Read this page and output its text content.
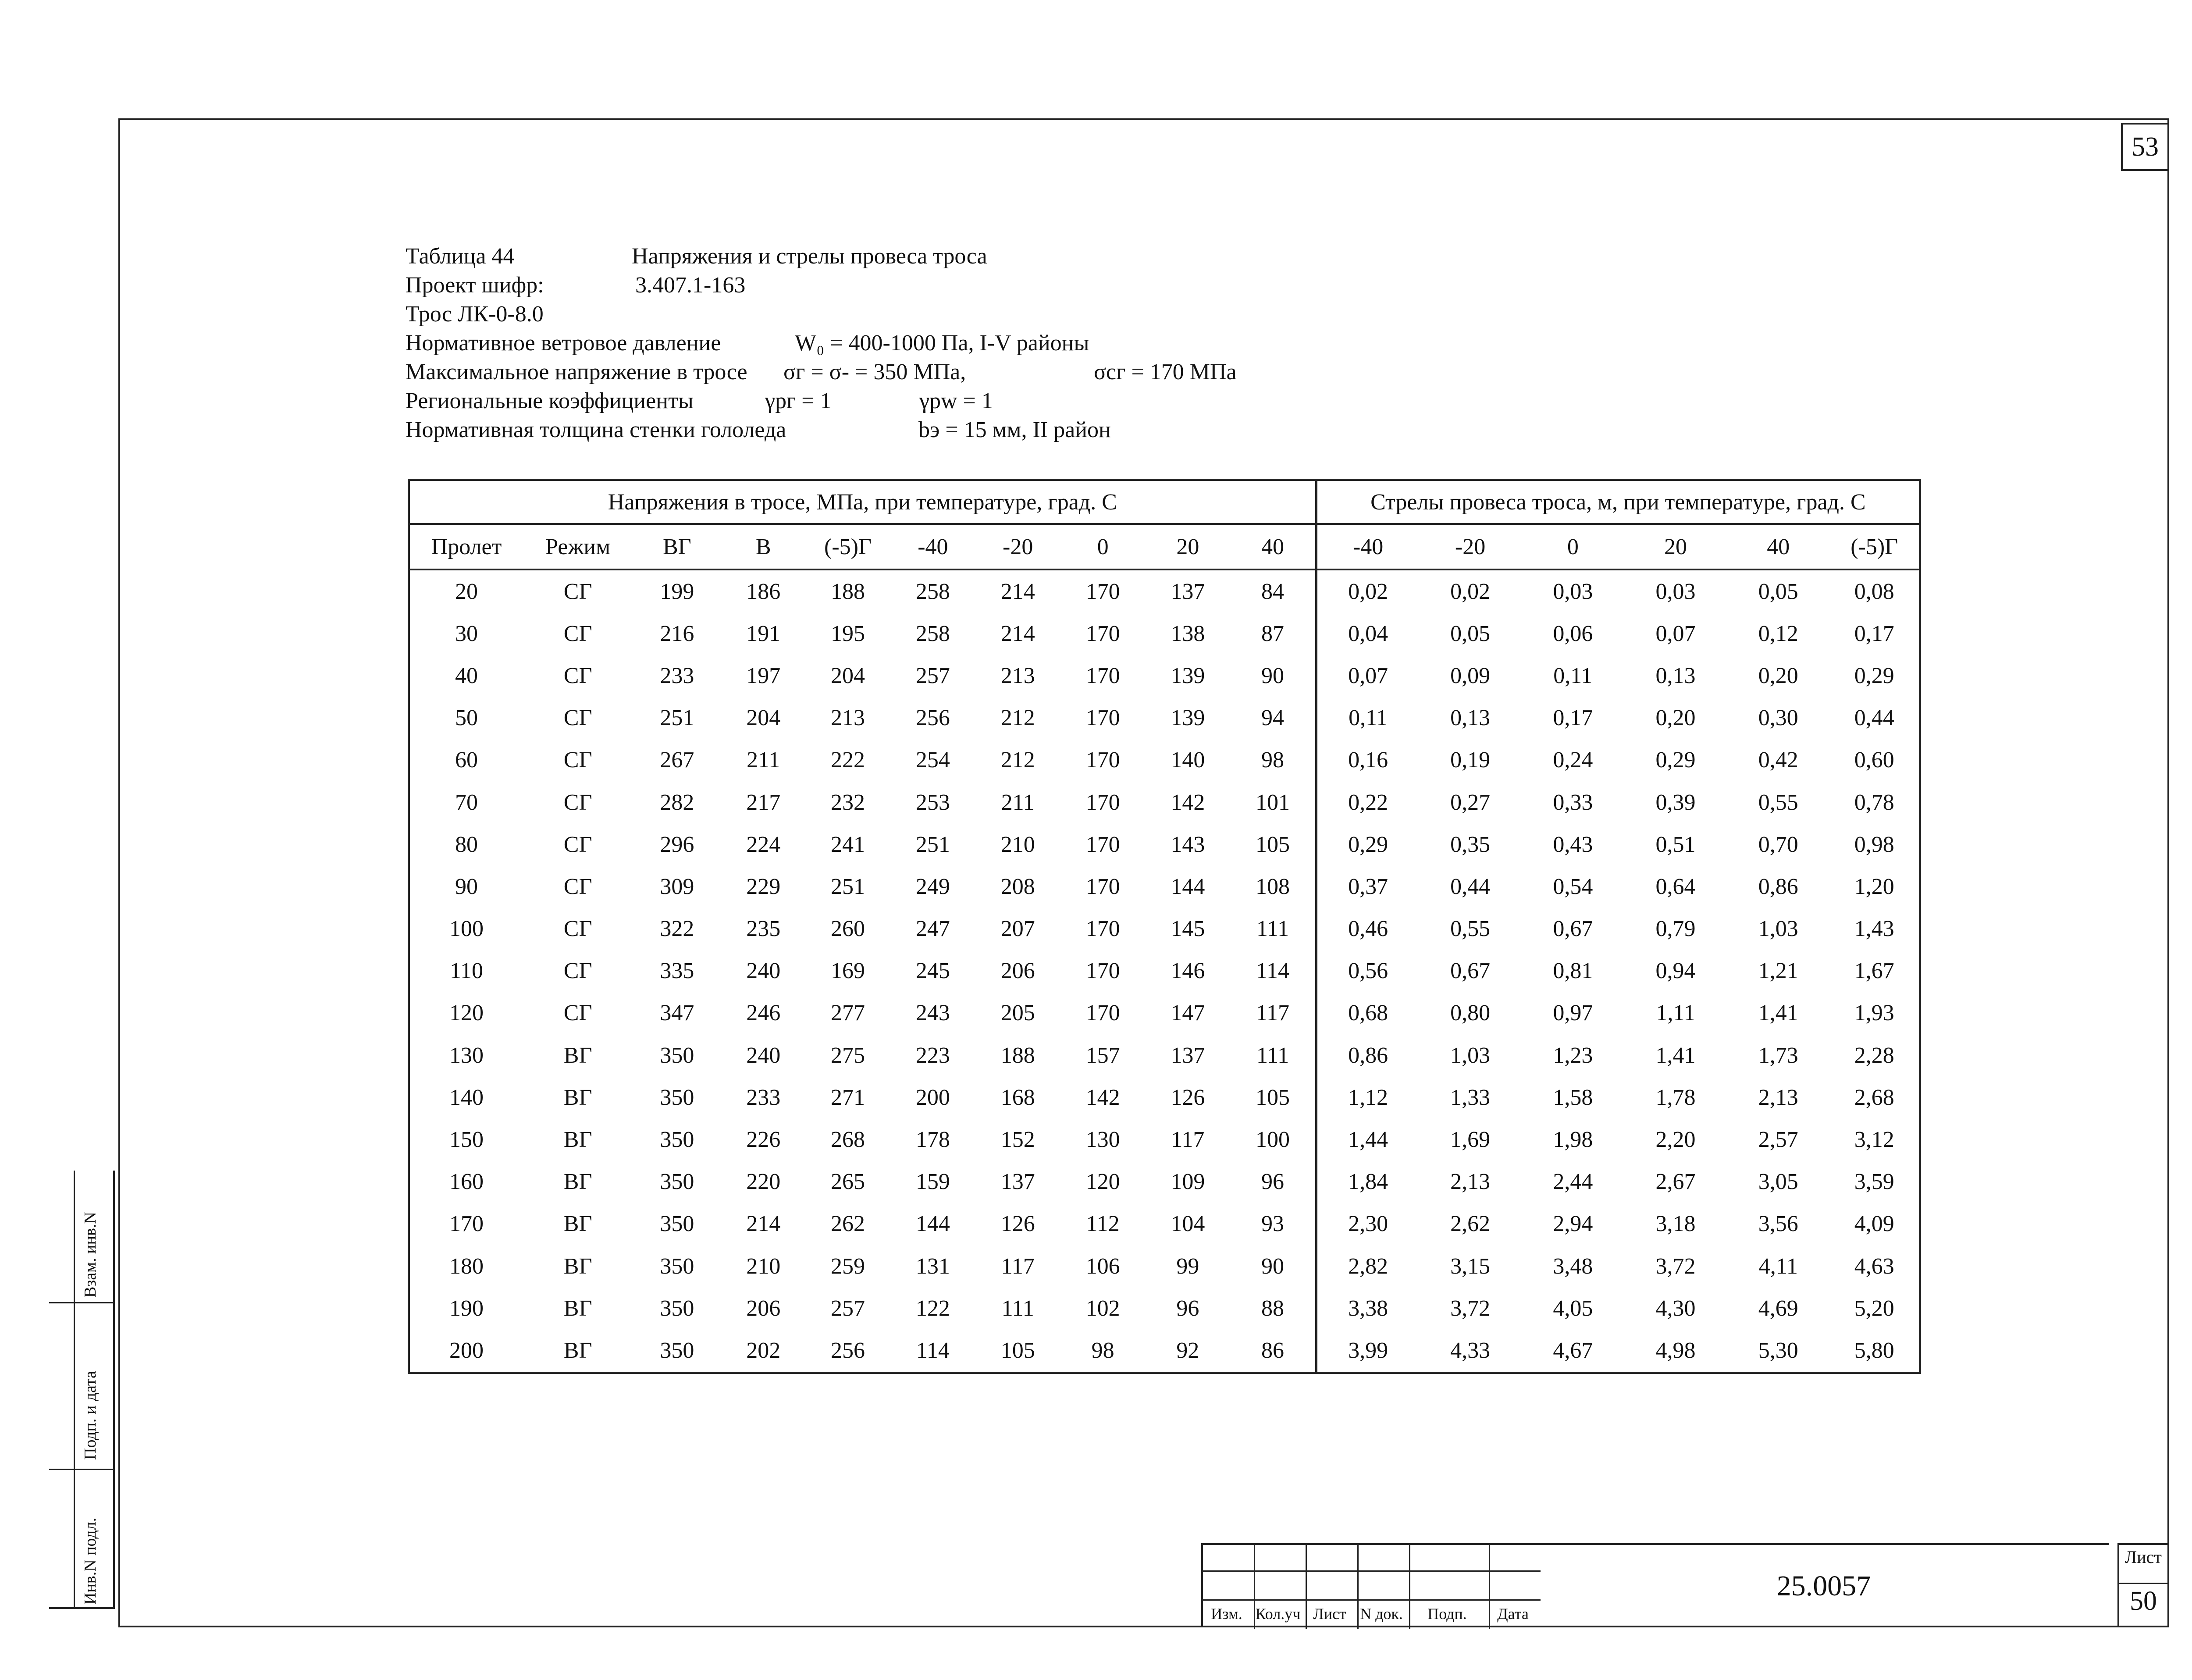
53
Таблица 44	Напряжения и стрелы провеса троса
Проект шифр:	3.407.1-163
Трос ЛК-0-8.0
Нормативное ветровое давление	W₀ = 400-1000 Па, I-V районы
Максимальное напряжение в тросе σг = σ- = 350 МПа,	σсг = 170 МПа
Региональные коэффициенты	γpг = 1	γpw = 1
Нормативная толщина стенки гололеда	bэ = 15 мм, II район
Напряжения в тросе, МПа, при температуре, град. С										Стрелы провеса троса, м, при температуре, град. С					
Пролет	Режим	ВГ	В	(-5)Г	-40	-20	0	20	40	-40	-20	0	20	40	(-5)Г
20	СГ	199	186	188	258	214	170	137	84	0,02	0,02	0,03	0,03	0,05	0,08
30	СГ	216	191	195	258	214	170	138	87	0,04	0,05	0,06	0,07	0,12	0,17
40	СГ	233	197	204	257	213	170	139	90	0,07	0,09	0,11	0,13	0,20	0,29
50	СГ	251	204	213	256	212	170	139	94	0,11	0,13	0,17	0,20	0,30	0,44
60	СГ	267	211	222	254	212	170	140	98	0,16	0,19	0,24	0,29	0,42	0,60
70	СГ	282	217	232	253	211	170	142	101	0,22	0,27	0,33	0,39	0,55	0,78
80	СГ	296	224	241	251	210	170	143	105	0,29	0,35	0,43	0,51	0,70	0,98
90	СГ	309	229	251	249	208	170	144	108	0,37	0,44	0,54	0,64	0,86	1,20
100	СГ	322	235	260	247	207	170	145	111	0,46	0,55	0,67	0,79	1,03	1,43
110	СГ	335	240	169	245	206	170	146	114	0,56	0,67	0,81	0,94	1,21	1,67
120	СГ	347	246	277	243	205	170	147	117	0,68	0,80	0,97	1,11	1,41	1,93
130	ВГ	350	240	275	223	188	157	137	111	0,86	1,03	1,23	1,41	1,73	2,28
140	ВГ	350	233	271	200	168	142	126	105	1,12	1,33	1,58	1,78	2,13	2,68
150	ВГ	350	226	268	178	152	130	117	100	1,44	1,69	1,98	2,20	2,57	3,12
160	ВГ	350	220	265	159	137	120	109	96	1,84	2,13	2,44	2,67	3,05	3,59
170	ВГ	350	214	262	144	126	112	104	93	2,30	2,62	2,94	3,18	3,56	4,09
180	ВГ	350	210	259	131	117	106	99	90	2,82	3,15	3,48	3,72	4,11	4,63
190	ВГ	350	206	257	122	111	102	96	88	3,38	3,72	4,05	4,30	4,69	5,20
200	ВГ	350	202	256	114	105	98	92	86	3,99	4,33	4,67	4,98	5,30	5,80
Изм. Кол.уч Лист N док.	Подп.	Дата
25.0057
Лист
50
Взам. инв.N
Подп. и дата
Инв.N подл.
